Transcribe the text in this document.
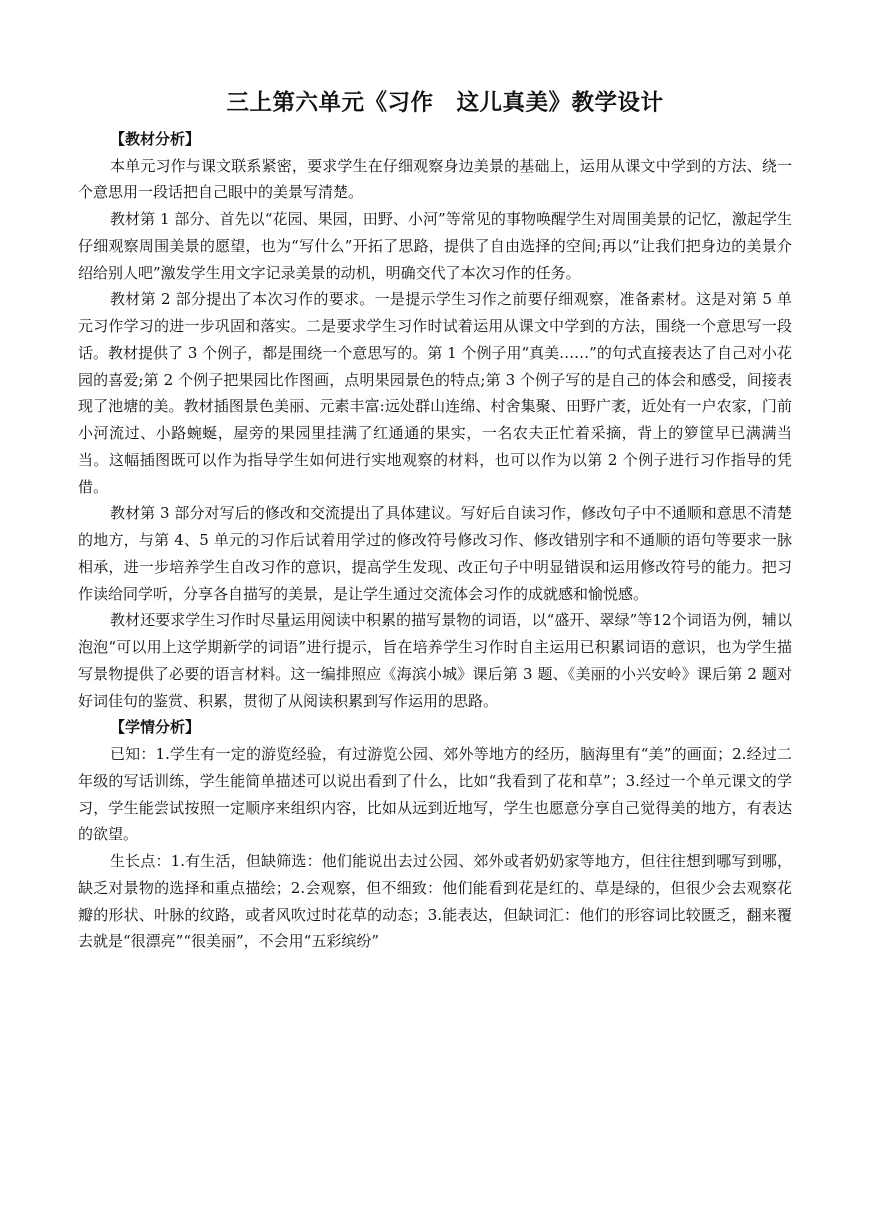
三上第六单元《习作　这儿真美》教学设计

【教材分析】

本单元习作与课文联系紧密，要求学生在仔细观察身边美景的基础上，运用从课文中学到的方法、绕一个意思用一段话把自己眼中的美景写清楚。

教材第 1 部分、首先以“花园、果园，田野、小河”等常见的事物唤醒学生对周围美景的记忆，激起学生仔细观察周围美景的愿望，也为“写什么”开拓了思路，提供了自由选择的空间;再以“让我们把身边的美景介绍给别人吧”激发学生用文字记录美景的动机，明确交代了本次习作的任务。

教材第 2 部分提出了本次习作的要求。一是提示学生习作之前要仔细观察，准备素材。这是对第 5 单元习作学习的进一步巩固和落实。二是要求学生习作时试着运用从课文中学到的方法，围绕一个意思写一段话。教材提供了 3 个例子，都是围绕一个意思写的。第 1 个例子用“真美……”的句式直接表达了自己对小花园的喜爱;第 2 个例子把果园比作图画，点明果园景色的特点;第 3 个例子写的是自己的体会和感受，间接表现了池塘的美。教材插图景色美丽、元素丰富:远处群山连绵、村舍集聚、田野广袤，近处有一户农家，门前小河流过、小路蜿蜒，屋旁的果园里挂满了红通通的果实，一名农夫正忙着采摘，背上的箩筐早已满满当当。这幅插图既可以作为指导学生如何进行实地观察的材料，也可以作为以第 2 个例子进行习作指导的凭借。

教材第 3 部分对写后的修改和交流提出了具体建议。写好后自读习作，修改句子中不通顺和意思不清楚的地方，与第 4、5 单元的习作后试着用学过的修改符号修改习作、修改错别字和不通顺的语句等要求一脉相承，进一步培养学生自改习作的意识，提高学生发现、改正句子中明显错误和运用修改符号的能力。把习作读给同学听，分享各自描写的美景，是让学生通过交流体会习作的成就感和愉悦感。

教材还要求学生习作时尽量运用阅读中积累的描写景物的词语，以“盛开、翠绿”等12个词语为例，辅以泡泡“可以用上这学期新学的词语”进行提示，旨在培养学生习作时自主运用已积累词语的意识，也为学生描写景物提供了必要的语言材料。这一编排照应《海滨小城》课后第 3 题、《美丽的小兴安岭》课后第 2 题对好词佳句的鉴赏、积累，贯彻了从阅读积累到写作运用的思路。

【学情分析】

已知：1.学生有一定的游览经验，有过游览公园、郊外等地方的经历，脑海里有“美”的画面；2.经过二年级的写话训练，学生能简单描述可以说出看到了什么，比如“我看到了花和草”；3.经过一个单元课文的学习，学生能尝试按照一定顺序来组织内容，比如从远到近地写，学生也愿意分享自己觉得美的地方，有表达的欲望。

生长点：1.有生活，但缺筛选：他们能说出去过公园、郊外或者奶奶家等地方，但往往想到哪写到哪，缺乏对景物的选择和重点描绘；2.会观察，但不细致：他们能看到花是红的、草是绿的，但很少会去观察花瓣的形状、叶脉的纹路，或者风吹过时花草的动态；3.能表达，但缺词汇：他们的形容词比较匮乏，翻来覆去就是“很漂亮”“很美丽”，不会用“五彩缤纷”
